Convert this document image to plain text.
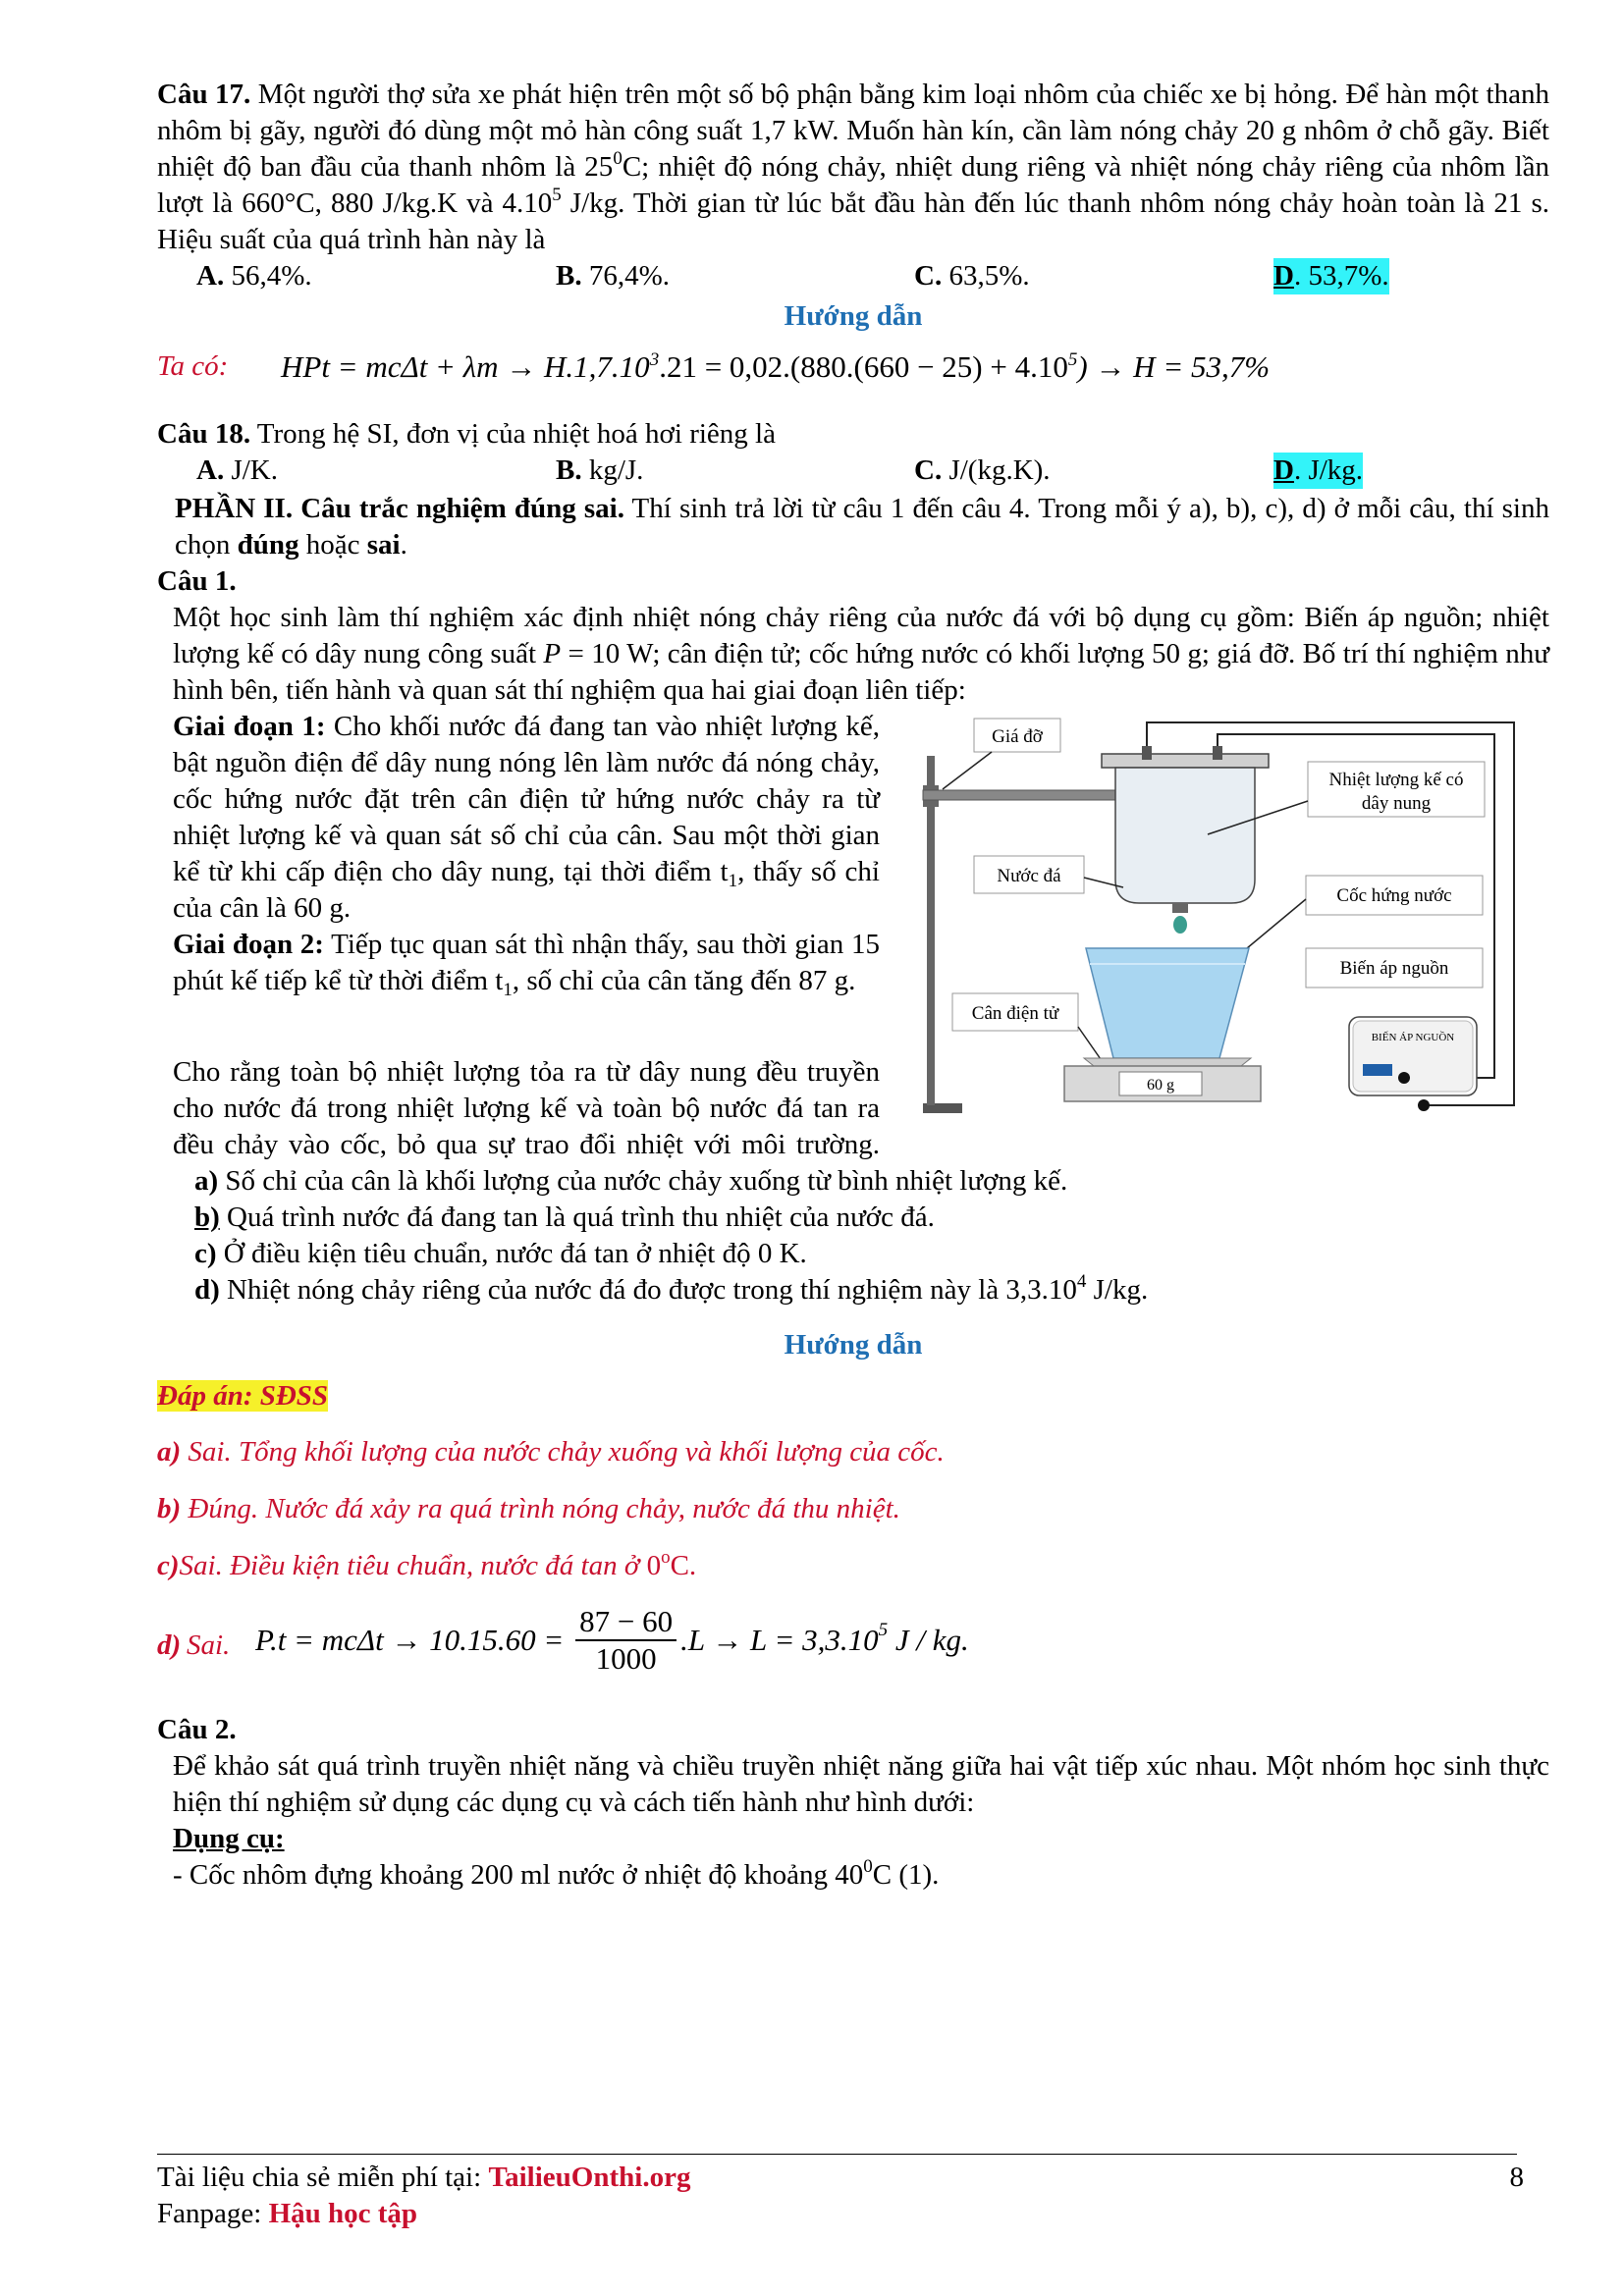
Câu 17. Một người thợ sửa xe phát hiện trên một số bộ phận bằng kim loại nhôm của chiếc xe bị hỏng. Để hàn một thanh nhôm bị gãy, người đó dùng một mỏ hàn công suất 1,7 kW. Muốn hàn kín, cần làm nóng chảy 20 g nhôm ở chỗ gãy. Biết nhiệt độ ban đầu của thanh nhôm là $25^0C$; nhiệt độ nóng chảy, nhiệt dung riêng và nhiệt nóng chảy riêng của nhôm lần lượt là 660°C, 880 J/kg.K và 4.10$^5$ J/kg. Thời gian từ lúc bắt đầu hàn đến lúc thanh nhôm nóng chảy hoàn toàn là 21 s. Hiệu suất của quá trình hàn này là

A. 56,4%.	B. 76,4%.	C. 63,5%.	D. 53,7%.
Hướng dẫn
Ta có: HPt = $mc\Delta t + \lambda m \to H.1,7.10^3.21 = 0,02.(880.(660 - 25) + 4.10^5) \to H = 53,7\%$

Câu 18. Trong hệ SI, đơn vị của nhiệt hoá hơi riêng là

A. J/K.	B. kg/J.	C. J/(kg.K).	D. J/kg.

PHẦN II. Câu trắc nghiệm đúng sai. Thí sinh trả lời từ câu 1 đến câu 4. Trong mỗi ý a), b), c), d) ở mỗi câu, thí sinh chọn đúng hoặc sai.

Câu 1.

Một học sinh làm thí nghiệm xác định nhiệt nóng chảy riêng của nước đá với bộ dụng cụ gồm: Biến áp nguồn; nhiệt lượng kế có dây nung công suất P = 10 W; cân điện tử; cốc hứng nước có khối lượng 50 g; giá đỡ. Bố trí thí nghiệm như hình bên, tiến hành và quan sát thí nghiệm qua hai giai đoạn liên tiếp:

Giai đoạn 1: Cho khối nước đá đang tan vào nhiệt lượng kế, bật nguồn điện để dây nung nóng lên làm nước đá nóng chảy, cốc hứng nước đặt trên cân điện tử hứng nước chảy ra từ nhiệt lượng kế và quan sát số chỉ của cân. Sau một thời gian kể từ khi cấp điện cho dây nung, tại thời điểm $t_1$, thấy số chỉ của cân là 60 g.

Giai đoạn 2: Tiếp tục quan sát thì nhận thấy, sau thời gian 15 phút kế tiếp kể từ thời điểm $t_1$, số chỉ của cân tăng đến 87 g.

Cho rằng toàn bộ nhiệt lượng tỏa ra từ dây nung đều truyền cho nước đá trong nhiệt lượng kế và toàn bộ nước đá tan ra đều chảy vào cốc, bỏ qua sự trao đổi nhiệt với môi trường.

a) Số chỉ của cân là khối lượng của nước chảy xuống từ bình nhiệt lượng kế.

b) Quá trình nước đá đang tan là quá trình thu nhiệt của nước đá.

c) Ở điều kiện tiêu chuẩn, nước đá tan ở nhiệt độ 0 K.

d) Nhiệt nóng chảy riêng của nước đá đo được trong thí nghiệm này là 3,3.10$^4$ J/kg.

Hướng dẫn
Đáp án: SĐSS
a) Sai. Tổng khối lượng của nước chảy xuống và khối lượng của cốc.
b) Đúng. Nước đá xảy ra quá trình nóng chảy, nước đá thu nhiệt.
c)Sai. Điều kiện tiêu chuẩn, nước đá tan ở 0$^o$C.
d) Sai. $P.t = mc\Delta t \to 10.15.60 = \frac{87 - 60}{1000} .L \to L = 3,3.10^5$ J / kg.

Câu 2.

Để khảo sát quá trình truyền nhiệt năng và chiều truyền nhiệt năng giữa hai vật tiếp xúc nhau. Một nhóm học sinh thực hiện thí nghiệm sử dụng các dụng cụ và cách tiến hành như hình dưới:

Dụng cụ:

- Cốc nhôm đựng khoảng 200 ml nước ở nhiệt độ khoảng $40^0C$ (1).

Giá đỡ
Nhiệt lượng kế có
dây nung
Nước đá
Cốc hứng nước
Biến áp nguồn
Cân điện tử
60 g
BIẾN ÁP NGUỒN
Tài liệu chia sẻ miễn phí tại: TailieuOnthi.org
Fanpage: Hậu học tập
8
